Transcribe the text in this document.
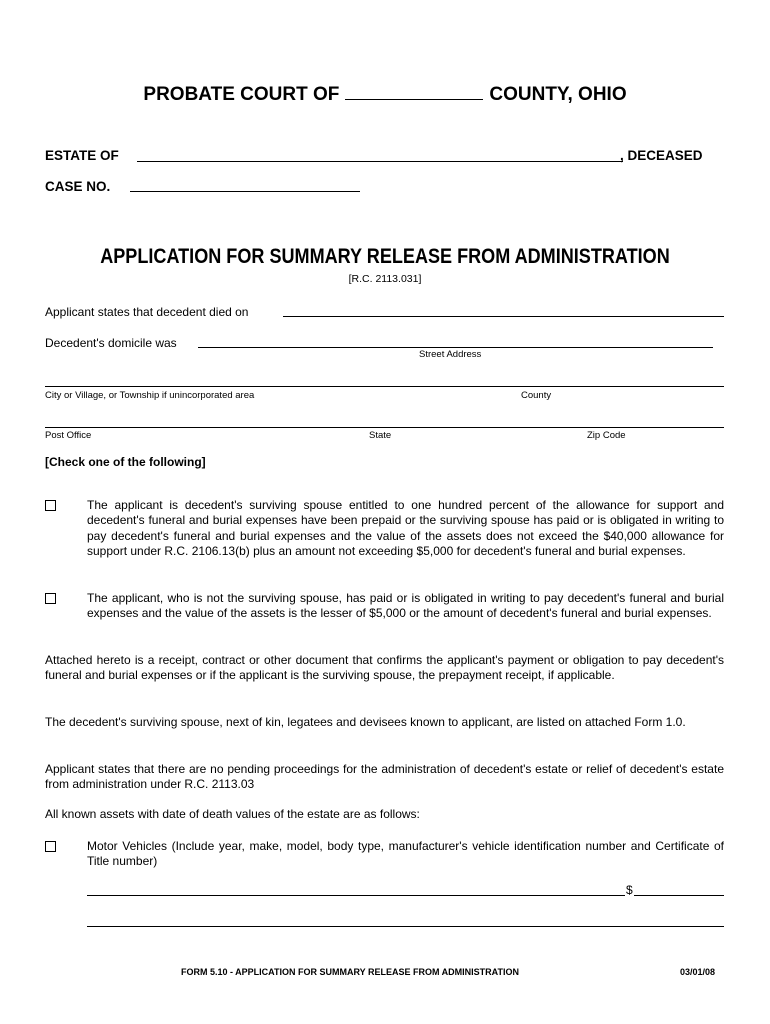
PROBATE COURT OF	COUNTY, OHIO
ESTATE OF	, DECEASED
CASE NO.
APPLICATION FOR SUMMARY RELEASE FROM ADMINISTRATION
[R.C. 2113.031]
Applicant states that decedent died on
Decedent's domicile was
Street Address
City or Village, or Township if unincorporated area	County
Post Office	State	Zip Code
[Check one of the following]
The applicant is decedent's surviving spouse entitled to one hundred percent of the allowance for support and decedent's funeral and burial expenses have been prepaid or the surviving spouse has paid or is obligated in writing to pay decedent's funeral and burial expenses and the value of the assets does not exceed the $40,000 allowance for support under R.C. 2106.13(b) plus an amount not exceeding $5,000 for decedent's funeral and burial expenses.
The applicant, who is not the surviving spouse, has paid or is obligated in writing to pay decedent's funeral and burial expenses and the value of the assets is the lesser of $5,000 or the amount of decedent's funeral and burial expenses.
Attached hereto is a receipt, contract or other document that confirms the applicant's payment or obligation to pay decedent's funeral and burial expenses or if the applicant is the surviving spouse, the prepayment receipt, if applicable.
The decedent's surviving spouse, next of kin, legatees and devisees known to applicant, are listed on attached Form 1.0.
Applicant states that there are no pending proceedings for the administration of decedent's estate or relief of decedent's estate from administration under R.C. 2113.03
All known assets with date of death values of the estate are as follows:
Motor Vehicles (Include year, make, model, body type, manufacturer's vehicle identification number and Certificate of Title number)
$
FORM 5.10 - APPLICATION FOR SUMMARY RELEASE FROM ADMINISTRATION	03/01/08
